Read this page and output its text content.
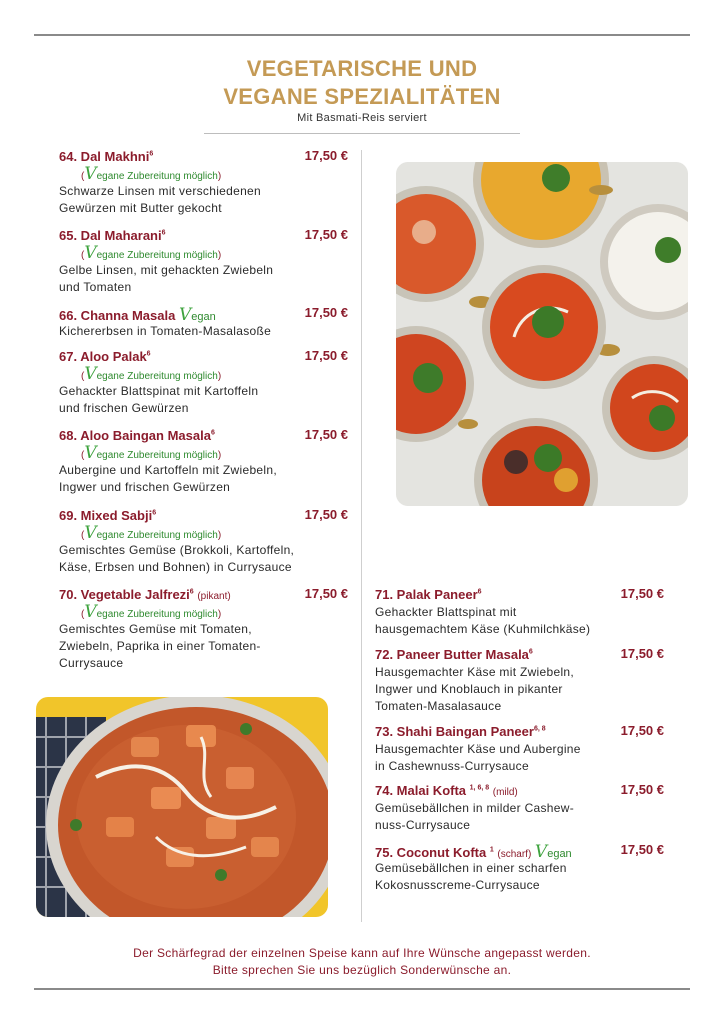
VEGETARISCHE UND
VEGANE SPEZIALITÄTEN
Mit Basmati-Reis serviert
64. Dal Makhni$^6$	17,50 €
(Vegane Zubereitung möglich)
Schwarze Linsen mit verschiedenen
Gewürzen mit Butter gekocht
65. Dal Maharani$^6$	17,50 €
(Vegane Zubereitung möglich)
Gelbe Linsen, mit gehackten Zwiebeln
und Tomaten
66. Channa Masala Vegan	17,50 €
Kichererbsen in Tomaten-Masalasoße
67. Aloo Palak$^6$	17,50 €
(Vegane Zubereitung möglich)
Gehackter Blattspinat mit Kartoffeln
und frischen Gewürzen
68. Aloo Baingan Masala$^6$	17,50 €
(Vegane Zubereitung möglich)
Aubergine und Kartoffeln mit Zwiebeln,
Ingwer und frischen Gewürzen
69. Mixed Sabji$^6$	17,50 €
(Vegane Zubereitung möglich)
Gemischtes Gemüse (Brokkoli, Kartoffeln,
Käse, Erbsen und Bohnen) in Currysauce
70. Vegetable Jalfrezi$^6$ (pikant)	17,50 €
(Vegane Zubereitung möglich)
Gemischtes Gemüse mit Tomaten,
Zwiebeln, Paprika in einer Tomaten-
Currysauce
71. Palak Paneer$^6$	17,50 €
Gehackter Blattspinat mit
hausgemachtem Käse (Kuhmilchkäse)
72. Paneer Butter Masala$^6$	17,50 €
Hausgemachter Käse mit Zwiebeln,
Ingwer und Knoblauch in pikanter
Tomaten-Masalasauce
73. Shahi Baingan Paneer$^{6, 8}$	17,50 €
Hausgemachter Käse und Aubergine
in Cashewnuss-Currysauce
74. Malai Kofta $^{1, 6, 8}$ (mild)	17,50 €
Gemüsebällchen in milder Cashew-
nuss-Currysauce
75. Coconut Kofta $^1$ (scharf) Vegan	17,50 €
Gemüsebällchen in einer scharfen
Kokosnusscreme-Currysauce
Der Schärfegrad der einzelnen Speise kann auf Ihre Wünsche angepasst werden.
Bitte sprechen Sie uns bezüglich Sonderwünsche an.
